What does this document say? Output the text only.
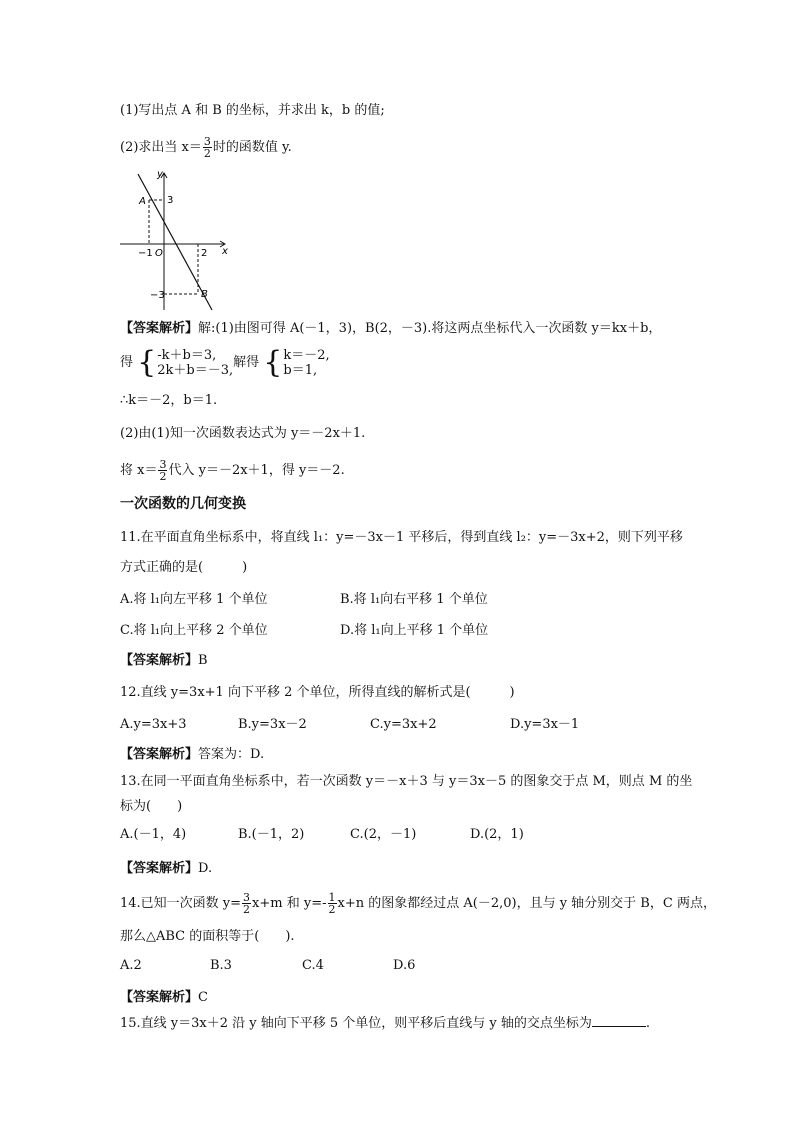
(1)写出点 A 和 B 的坐标，并求出 k，b 的值;
(2)求出当 $x= \frac{3}{2}$ 时的函数值 y.
y
x
O
A
B
3
−1	2
−3
【答案解析】解:(1)由图可得 A(－1，3)，B(2，－3).将这两点坐标代入一次函数 y＝kx＋b，
得 { -k＋b＝3,
2k＋b＝－3,
解得 { k＝－2,
b＝1,
∴k＝－2，b＝1.
(2)由(1)知一次函数表达式为 y＝－2x＋1.
将 $x= \frac{3}{2}$ 代入 y＝－2x＋1，得 y＝－2.
一次函数的几何变换
11.在平面直角坐标系中，将直线 l₁：y=－3x－1 平移后，得到直线 l₂：y=－3x+2，则下列平移
方式正确的是(　　　)
A.将 l₁向左平移 1 个单位	B.将 l₁向右平移 1 个单位
C.将 l₁向上平移 2 个单位	D.将 l₁向上平移 1 个单位
【答案解析】B
12.直线 y=3x+1 向下平移 2 个单位，所得直线的解析式是(　　　)
A.y=3x+3	B.y=3x－2	C.y=3x+2	D.y=3x－1
【答案解析】答案为：D.
13.在同一平面直角坐标系中，若一次函数 y＝－x＋3 与 y＝3x－5 的图象交于点 M，则点 M 的坐
标为(　　)
A.(－1，4)	B.(－1，2)	C.(2，－1)	D.(2，1)
【答案解析】D.
14.已知一次函数 $y= \frac{3}{2} x+m$ 和 $y=- \frac{1}{2} x+n$ 的图象都经过点 A(－2,0)，且与 y 轴分别交于 B，C 两点，
那么△ABC 的面积等于(　　).
A.2	B.3	C.4	D.6
【答案解析】C
15.直线 y＝3x＋2 沿 y 轴向下平移 5 个单位，则平移后直线与 y 轴的交点坐标为	.
